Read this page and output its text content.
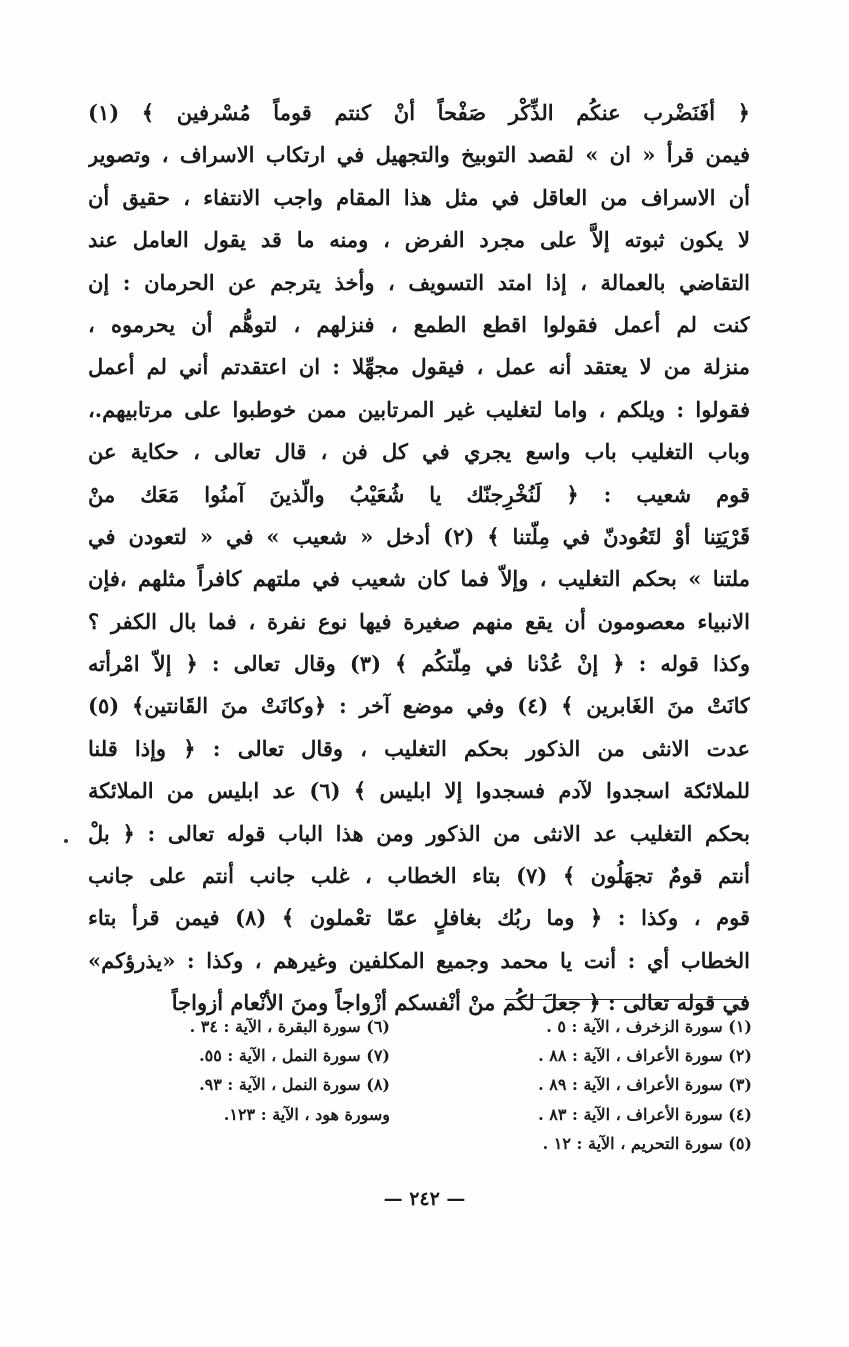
﴿ أفَنَضْرب عنكُم الذِّكْر صَفْحاً أنْ كنتم قوماً مُسْرفين ﴾ (١)
فيمن قرأ « ان » لقصد التوبيخ والتجهيل في ارتكاب الاسراف ، وتصوير
أن الاسراف من العاقل في مثل هذا المقام واجب الانتفاء ، حقيق أن
لا يكون ثبوته إلاَّ على مجرد الفرض ، ومنه ما قد يقول العامل عند
التقاضي بالعمالة ، إذا امتد التسويف ، وأخذ يترجم عن الحرمان : إن
كنت لم أعمل فقولوا اقطع الطمع ، فنزلهم ، لتوهُّم أن يحرموه ،
منزلة من لا يعتقد أنه عمل ، فيقول مجهِّلا : ان اعتقدتم أني لم أعمل
فقولوا : ويلكم ، واما لتغليب غير المرتابين ممن خوطبوا على مرتابيهم.،
وباب التغليب باب واسع يجري في كل فن ، قال تعالى ، حكاية عن
قوم شعيب : ﴿ لَنُخْرِجنّك يا شُعَيْبُ والّذينَ آمنُوا مَعَك منْ
قَرْيَتِنا أوْ لتَعُودنّ في مِلّتنا ﴾ (٢) أدخل « شعيب » في « لتعودن في
ملتنا » بحكم التغليب ، وإلاّ فما كان شعيب في ملتهم كافراً مثلهم ،فإن
الانبياء معصومون أن يقع منهم صغيرة فيها نوع نفرة ، فما بال الكفر ؟
وكذا قوله : ﴿ إنْ عُدْنا في مِلّتكُم ﴾ (٣) وقال تعالى : ﴿ إلاّ امْرأته
كانَتْ منَ الغَابرين ﴾ (٤) وفي موضع آخر : ﴿وكانَتْ منَ القَانتين﴾ (٥)
عدت الانثى من الذكور بحكم التغليب ، وقال تعالى : ﴿ وإذا قلنا
للملائكة اسجدوا لآدم فسجدوا إلا ابليس ﴾ (٦) عد ابليس من الملائكة
بحكم التغليب عد الانثى من الذكور ومن هذا الباب قوله تعالى : ﴿ بلْ
أنتم قومٌ تجهَلُون ﴾ (٧) بتاء الخطاب ، غلب جانب أنتم على جانب
قوم ، وكذا : ﴿ وما ربُك بغافلٍ عمّا تعْملون ﴾ (٨) فيمن قرأ بتاء
الخطاب أي : أنت يا محمد وجميع المكلفين وغيرهم ، وكذا : «يذرؤكم»
في قوله تعالى : ﴿ جعلَ لكُم منْ أنْفسكم أزْواجاً ومنَ الأنْعام أزواجاً
(١) سورة الزخرف ، الآية : ٥ .
(٢) سورة الأعراف ، الآية : ٨٨ .
(٣) سورة الأعراف ، الآية : ٨٩ .
(٤) سورة الأعراف ، الآية : ٨٣ .
(٥) سورة التحريم ، الآية : ١٢ .
(٦) سورة البقرة ، الآية : ٣٤ .
(٧) سورة النمل ، الآية : ٥٥.
(٨) سورة النمل ، الآية : ٩٣.
وسورة هود ، الآية : ١٢٣.
— ٢٤٢ —
